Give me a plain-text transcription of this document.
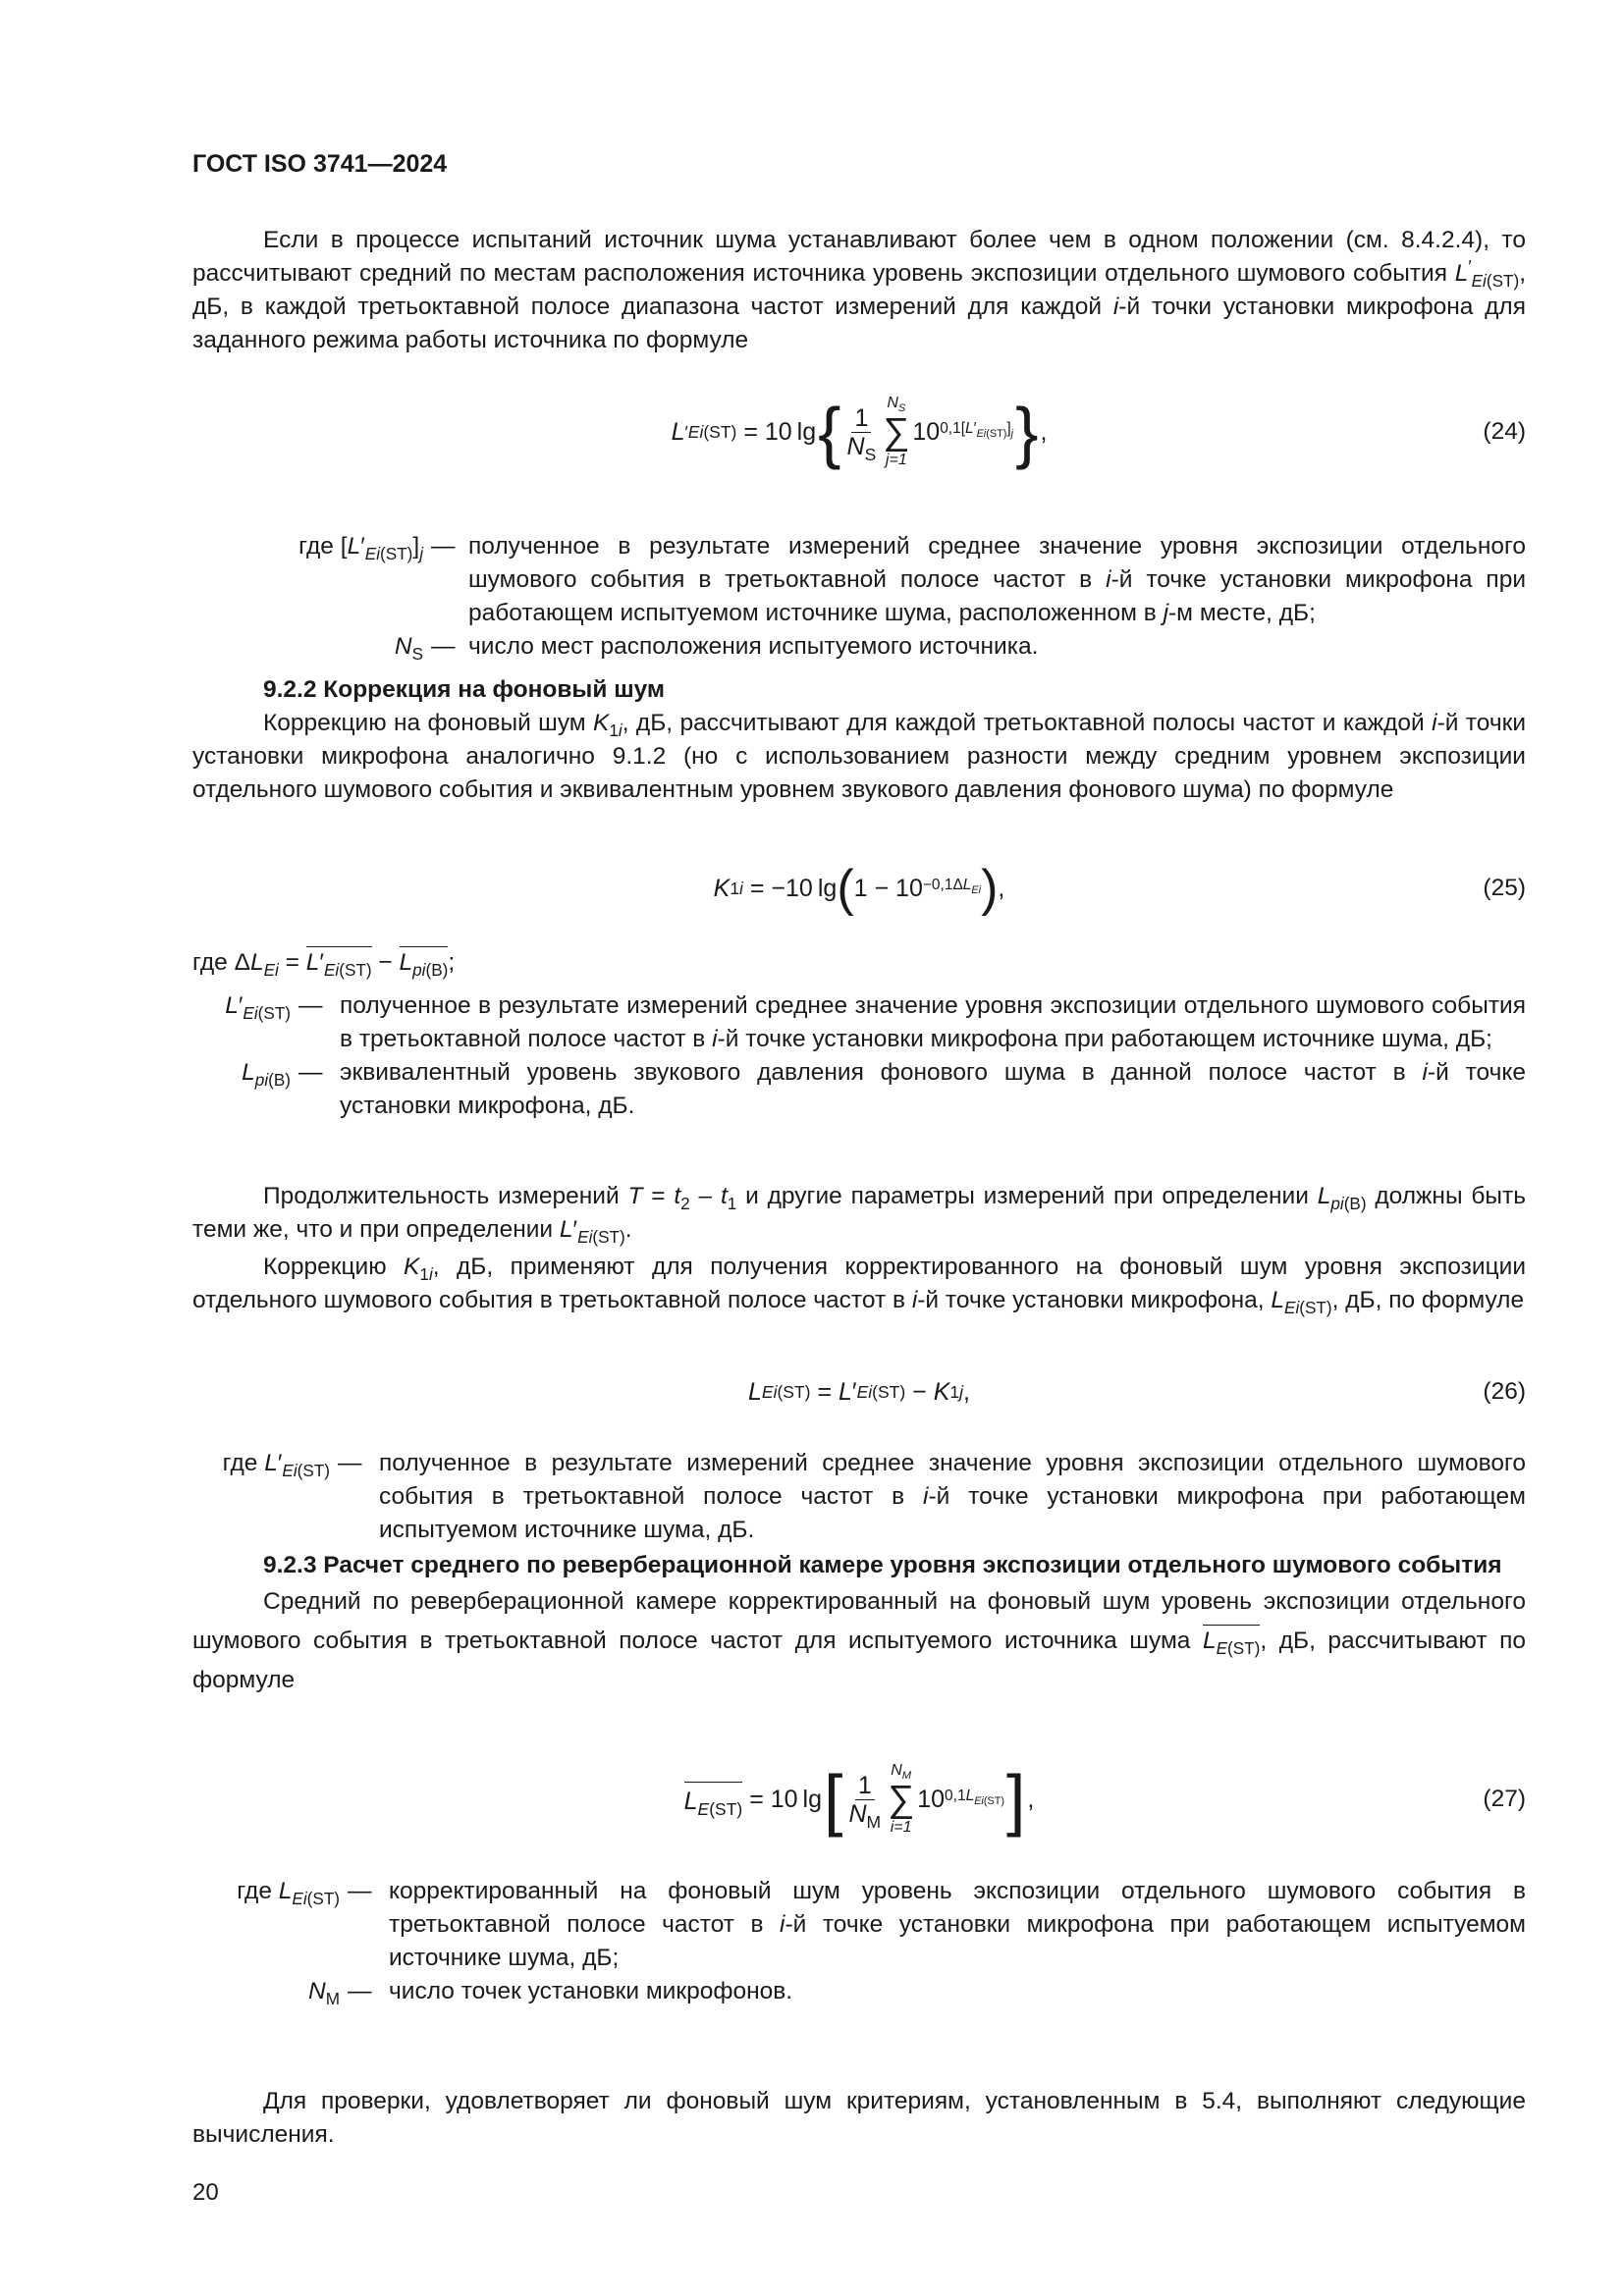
ГОСТ ISO 3741—2024

Если в процессе испытаний источник шума устанавливают более чем в одном положении (см. 8.4.2.4), то рассчитывают средний по местам расположения источника уровень экспозиции отдельного шумового события $L'_{Ei(ST)}$, дБ, в каждой третьоктавной полосе диапазона частот измерений для каждой i-й точки установки микрофона для заданного режима работы источника по формуле

L ′ Ei (ST) = 10 lg { $\frac{1}{N_S}$
$N_S$
∑
j=1
10 $0,1[L'_{Ei(ST)}]_j$ } ,	(24)
где $[L'_{Ei(ST)}]_j$ — полученное в результате измерений среднее значение уровня экспозиции отдельного шумового события в третьоктавной полосе частот в i-й точке установки микрофона при работающем испытуемом источнике шума, расположенном в j-м месте, дБ;
$N_S$ — число мест расположения испытуемого источника.

9.2.2 Коррекция на фоновый шум

Коррекцию на фоновый шум $K_{1i}$, дБ, рассчитывают для каждой третьоктавной полосы частот и каждой i-й точки установки микрофона аналогично 9.1.2 (но с использованием разности между средним уровнем экспозиции отдельного шумового события и эквивалентным уровнем звукового давления фонового шума) по формуле

K 1 i = −10 lg ( $1 - 10 -0,1\Delta L_{Ei}$ ) ,	(25)

где $\Delta L_{Ei} = L'_{Ei(ST)} - L_{pi(B)}$;

$L'_{Ei(ST)}$ — полученное в результате измерений среднее значение уровня экспозиции отдельного шумового события в третьоктавной полосе частот в i-й точке установки микрофона при работающем источнике шума, дБ;
$L_{pi(B)}$ — эквивалентный уровень звукового давления фонового шума в данной полосе частот в i-й точке установки микрофона, дБ.

Продолжительность измерений $T = t_2 - t_1$ и другие параметры измерений при определении $L_{pi(B)}$ должны быть теми же, что и при определении $L'_{Ei(ST)}$.

Коррекцию $K_{1i}$, дБ, применяют для получения корректированного на фоновый шум уровня экспозиции отдельного шумового события в третьоктавной полосе частот в i-й точке установки микрофона, $L_{Ei(ST)}$, дБ, по формуле

L Ei (ST) = L ′ Ei (ST) − K 1 j ,	(26)
где $L'_{Ei(ST)}$ — полученное в результате измерений среднее значение уровня экспозиции отдельного шумового события в третьоктавной полосе частот в i-й точке установки микрофона при работающем испытуемом источнике шума, дБ.

9.2.3 Расчет среднего по реверберационной камере уровня экспозиции отдельного шумового события

Средний по реверберационной камере корректированный на фоновый шум уровень экспозиции отдельного шумового события в третьоктавной полосе частот для испытуемого источника шума $L_{E(ST)}$, дБ, рассчитывают по формуле

$L_{E(ST)} = 10$ lg [ $\frac{1}{N_M}$
$N_M$
∑
i=1
10 $0,1L_{Ei(ST)}$ ] ,	(27)
где $L_{Ei(ST)}$ — корректированный на фоновый шум уровень экспозиции отдельного шумового события в третьоктавной полосе частот в i-й точке установки микрофона при работающем испытуемом источнике шума, дБ;
$N_M$ — число точек установки микрофонов.

Для проверки, удовлетворяет ли фоновый шум критериям, установленным в 5.4, выполняют следующие вычисления.

20
